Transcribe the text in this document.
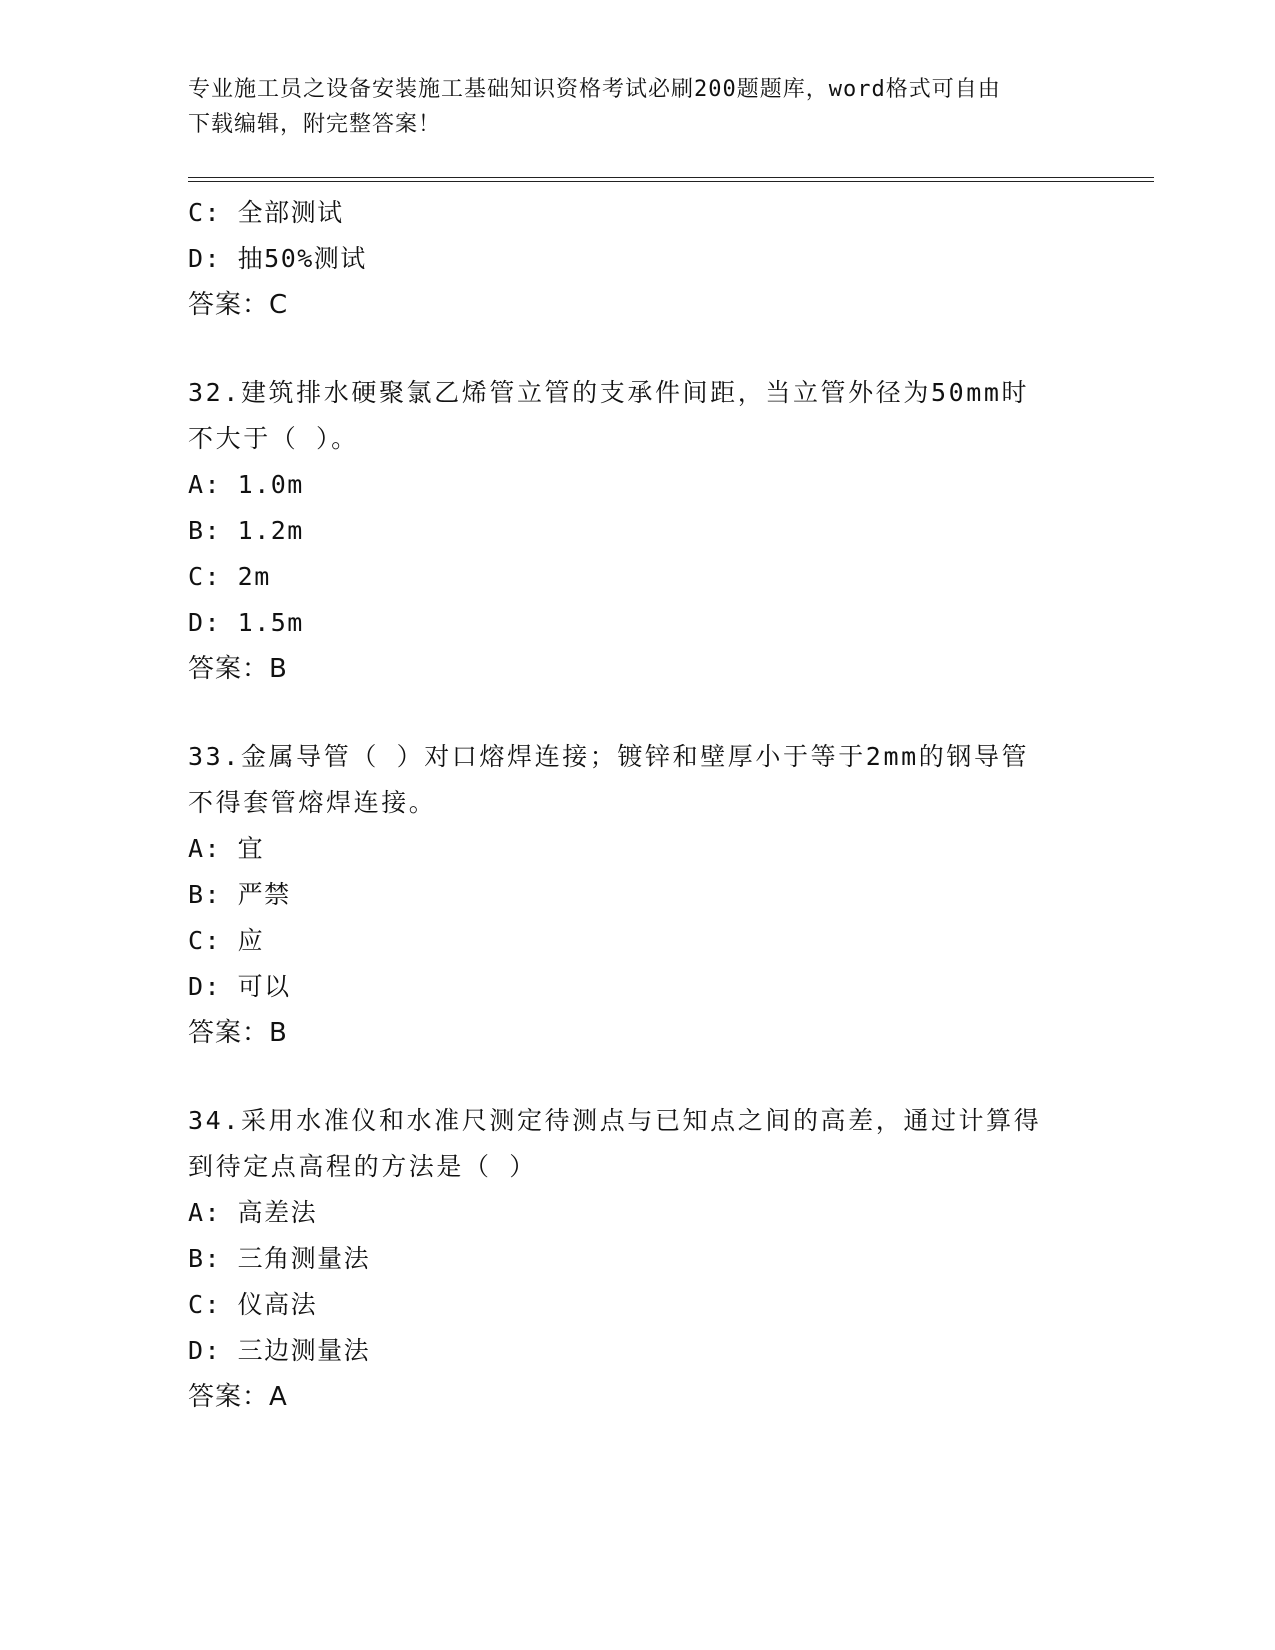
专业施工员之设备安装施工基础知识资格考试必刷200题题库，word格式可自由
下载编辑，附完整答案！
C: 全部测试
D: 抽50%测试
答案：C
32.建筑排水硬聚氯乙烯管立管的支承件间距，当立管外径为50mm时
不大于（ ）。
A: 1.0m
B: 1.2m
C: 2m
D: 1.5m
答案：B
33.金属导管（ ）对口熔焊连接；镀锌和壁厚小于等于2mm的钢导管
不得套管熔焊连接。
A: 宜
B: 严禁
C: 应
D: 可以
答案：B
34.采用水准仪和水准尺测定待测点与已知点之间的高差，通过计算得
到待定点高程的方法是（ ）
A: 高差法
B: 三角测量法
C: 仪高法
D: 三边测量法
答案：A
